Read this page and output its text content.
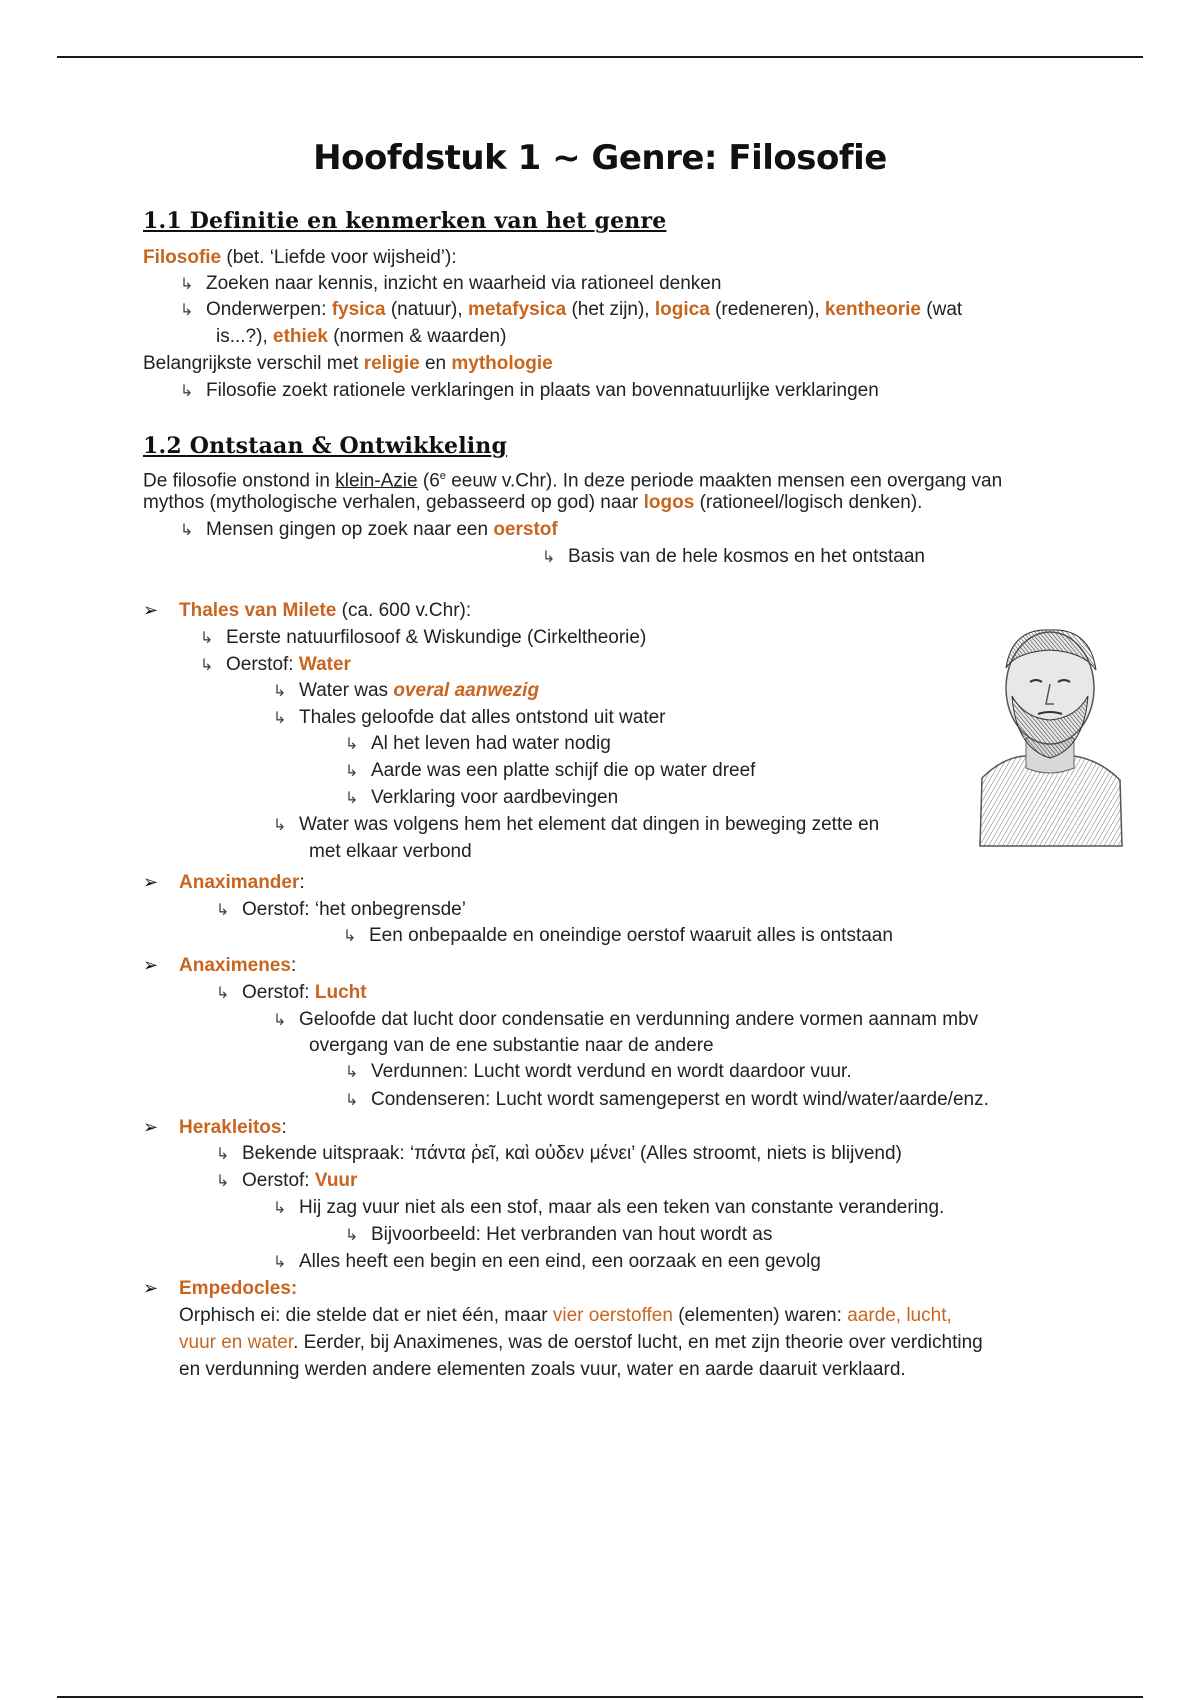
Hoofdstuk 1 ~ Genre: Filosofie
1.1 Definitie en kenmerken van het genre
Filosofie (bet. ‘Liefde voor wijsheid’):
↳ Zoeken naar kennis, inzicht en waarheid via rationeel denken
↳ Onderwerpen: fysica (natuur), metafysica (het zijn), logica (redeneren), kentheorie (wat
is...?), ethiek (normen & waarden)
Belangrijkste verschil met religie en mythologie
↳ Filosofie zoekt rationele verklaringen in plaats van bovennatuurlijke verklaringen
1.2 Ontstaan & Ontwikkeling
De filosofie onstond in klein-Azie (6e eeuw v.Chr). In deze periode maakten mensen een overgang van
mythos (mythologische verhalen, gebasseerd op god) naar logos (rationeel/logisch denken).
↳ Mensen gingen op zoek naar een oerstof
↳ Basis van de hele kosmos en het ontstaan
➢ Thales van Milete (ca. 600 v.Chr):
↳ Eerste natuurfilosoof & Wiskundige (Cirkeltheorie)
↳ Oerstof: Water
↳ Water was overal aanwezig
↳ Thales geloofde dat alles ontstond uit water
↳ Al het leven had water nodig
↳ Aarde was een platte schijf die op water dreef
↳ Verklaring voor aardbevingen
↳ Water was volgens hem het element dat dingen in beweging zette en
met elkaar verbond
➢ Anaximander:
↳ Oerstof: ‘het onbegrensde’
↳ Een onbepaalde en oneindige oerstof waaruit alles is ontstaan
➢ Anaximenes:
↳ Oerstof: Lucht
↳ Geloofde dat lucht door condensatie en verdunning andere vormen aannam mbv
overgang van de ene substantie naar de andere
↳ Verdunnen: Lucht wordt verdund en wordt daardoor vuur.
↳ Condenseren: Lucht wordt samengeperst en wordt wind/water/aarde/enz.
➢ Herakleitos:
↳ Bekende uitspraak: ‘πάντα ῥεῖ, καὶ οὐδεν μένει’ (Alles stroomt, niets is blijvend)
↳ Oerstof: Vuur
↳ Hij zag vuur niet als een stof, maar als een teken van constante verandering.
↳ Bijvoorbeeld: Het verbranden van hout wordt as
↳ Alles heeft een begin en een eind, een oorzaak en een gevolg
➢ Empedocles:
Orphisch ei: die stelde dat er niet één, maar vier oerstoffen (elementen) waren: aarde, lucht,
vuur en water. Eerder, bij Anaximenes, was de oerstof lucht, en met zijn theorie over verdichting
en verdunning werden andere elementen zoals vuur, water en aarde daaruit verklaard.
